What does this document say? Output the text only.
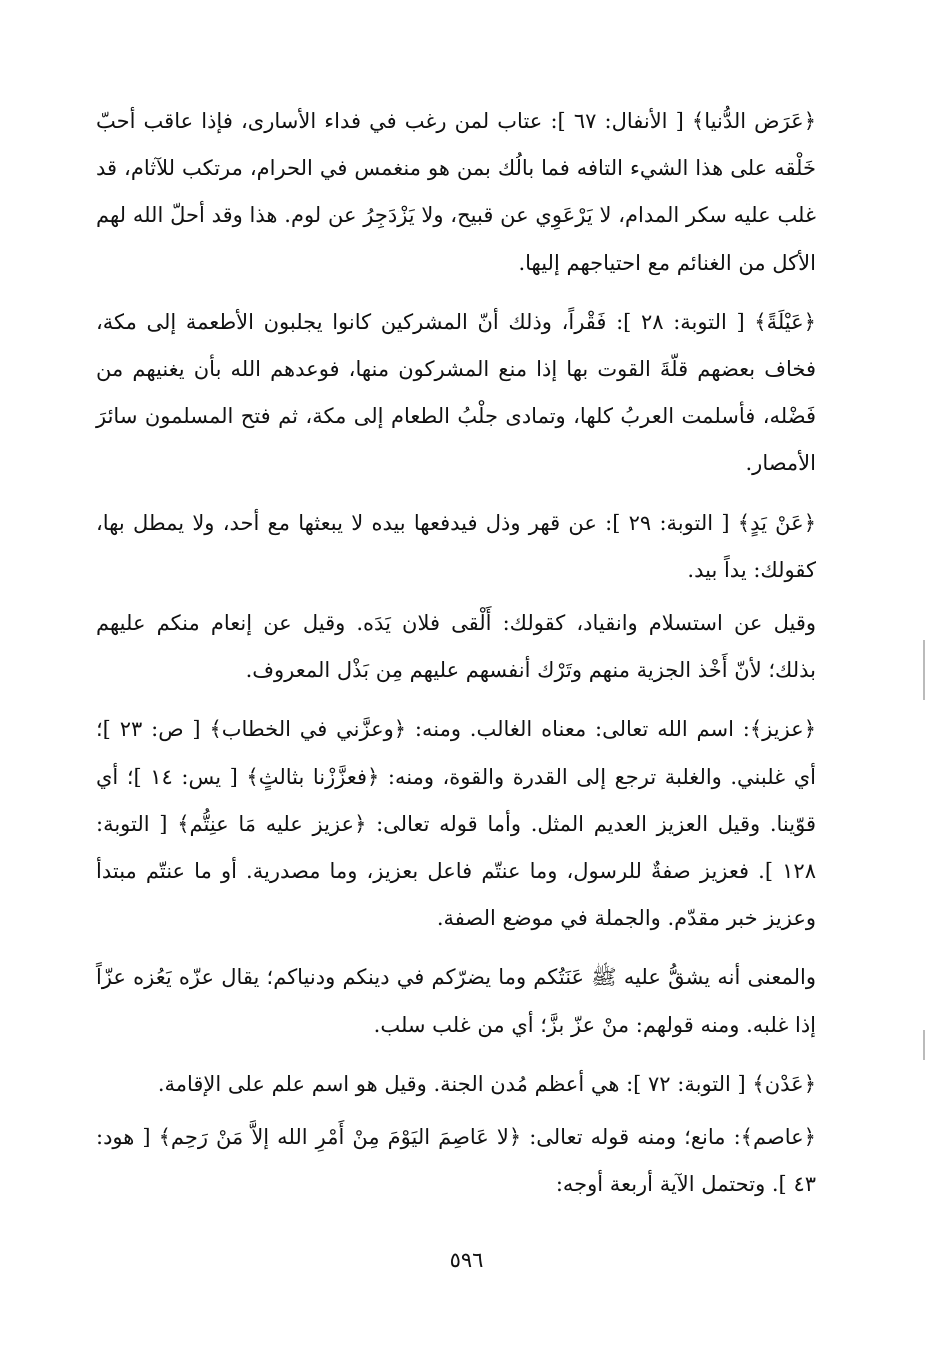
﴿عَرَض الدُّنيا﴾ [ الأنفال: ٦٧ ]: عتاب لمن رغب في فداء الأسارى، فإذا عاقب أحبّ خَلْقه على هذا الشيء التافه فما بالُك بمن هو منغمس في الحرام، مرتكب للآثام، قد غلب عليه سكر المدام، لا يَرْعَوِي عن قبيح، ولا يَزْدَجِرُ عن لوم. هذا وقد أحلّ الله لهم الأكل من الغنائم مع احتياجهم إليها.

﴿عَيْلَةً﴾ [ التوبة: ٢٨ ]: فَقْراً، وذلك أنّ المشركين كانوا يجلبون الأطعمة إلى مكة، فخاف بعضهم قلّةَ القوت بها إذا منع المشركون منها، فوعدهم الله بأن يغنيهم من فَضْله، فأسلمت العربُ كلها، وتمادى جلْبُ الطعام إلى مكة، ثم فتح المسلمون سائرَ الأمصار.

﴿عَنْ يَدٍ﴾ [ التوبة: ٢٩ ]: عن قهر وذل فيدفعها بيده لا يبعثها مع أحد، ولا يمطل بها، كقولك: يداً بيد.

وقيل عن استسلام وانقياد، كقولك: أَلْقى فلان يَدَه. وقيل عن إنعام منكم عليهم بذلك؛ لأنّ أَخْذ الجزية منهم وتَرْك أنفسهم عليهم مِن بَذْل المعروف.

﴿عزيز﴾: اسم الله تعالى: معناه الغالب. ومنه: ﴿وعزَّني في الخطاب﴾ [ ص: ٢٣ ]؛ أي غلبني. والغلبة ترجع إلى القدرة والقوة، ومنه: ﴿فعزَّزْنا بثالثٍ﴾ [ يس: ١٤ ]؛ أي قوّينا. وقيل العزيز العديم المثل. وأما قوله تعالى: ﴿عزيز عليه مَا عنِتُّم﴾ [ التوبة: ١٢٨ ]. فعزيز صفةٌ للرسول، وما عنتّم فاعل بعزيز، وما مصدرية. أو ما عنتّم مبتدأ وعزيز خبر مقدّم. والجملة في موضع الصفة.

والمعنى أنه يشقُّ عليه ﷺ عَنَتُكم وما يضرّكم في دينكم ودنياكم؛ يقال عزّه يَعُزه عزّاً إذا غلبه. ومنه قولهم: منْ عزّ بزَّ؛ أي من غلب سلب.

﴿عَدْن﴾ [ التوبة: ٧٢ ]: هي أعظم مُدن الجنة. وقيل هو اسم علم على الإقامة.

﴿عاصم﴾: مانع؛ ومنه قوله تعالى: ﴿لا عَاصِمَ اليَوْمَ مِنْ أَمْرِ الله إلاَّ مَنْ رَحِم﴾ [ هود: ٤٣ ]. وتحتمل الآية أربعة أوجه:

٥٩٦
